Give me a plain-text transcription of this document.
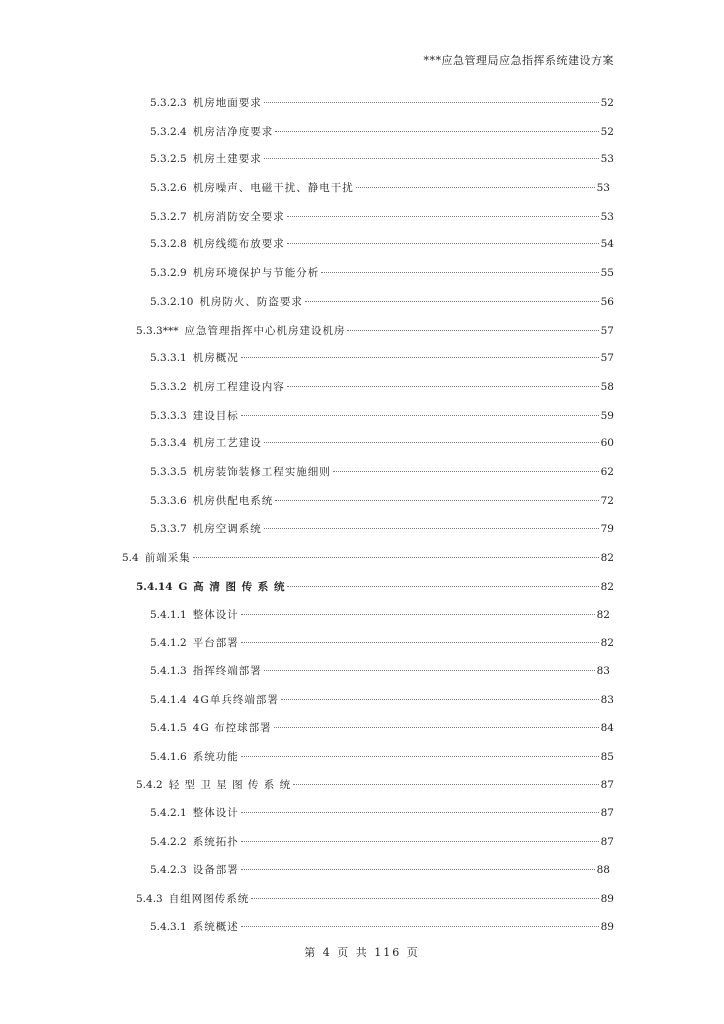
***应急管理局应急指挥系统建设方案
5.3.2.3 机房地面要求	52
5.3.2.4 机房洁净度要求	52
5.3.2.5 机房土建要求	53
5.3.2.6 机房噪声、电磁干扰、静电干扰	53
5.3.2.7 机房消防安全要求	53
5.3.2.8 机房线缆布放要求	54
5.3.2.9 机房环境保护与节能分析	55
5.3.2.10 机房防火、防盗要求	56
5.3.3*** 应急管理指挥中心机房建设机房	57
5.3.3.1 机房概况	57
5.3.3.2 机房工程建设内容	58
5.3.3.3 建设目标	59
5.3.3.4 机房工艺建设	60
5.3.3.5 机房装饰装修工程实施细则	62
5.3.3.6 机房供配电系统	72
5.3.3.7 机房空调系统	79
5.4 前端采集	82
5.4.14 G 高 清 图 传 系 统	82
5.4.1.1 整体设计	82
5.4.1.2 平台部署	82
5.4.1.3 指挥终端部署	83
5.4.1.4 4G单兵终端部署	83
5.4.1.5 4G 布控球部署	84
5.4.1.6 系统功能	85
5.4.2 轻 型 卫 星 图 传 系 统	87
5.4.2.1 整体设计	87
5.4.2.2 系统拓扑	87
5.4.2.3 设备部署	88
5.4.3 自组网图传系统	89
5.4.3.1 系统概述	89
第 4 页 共 116 页
